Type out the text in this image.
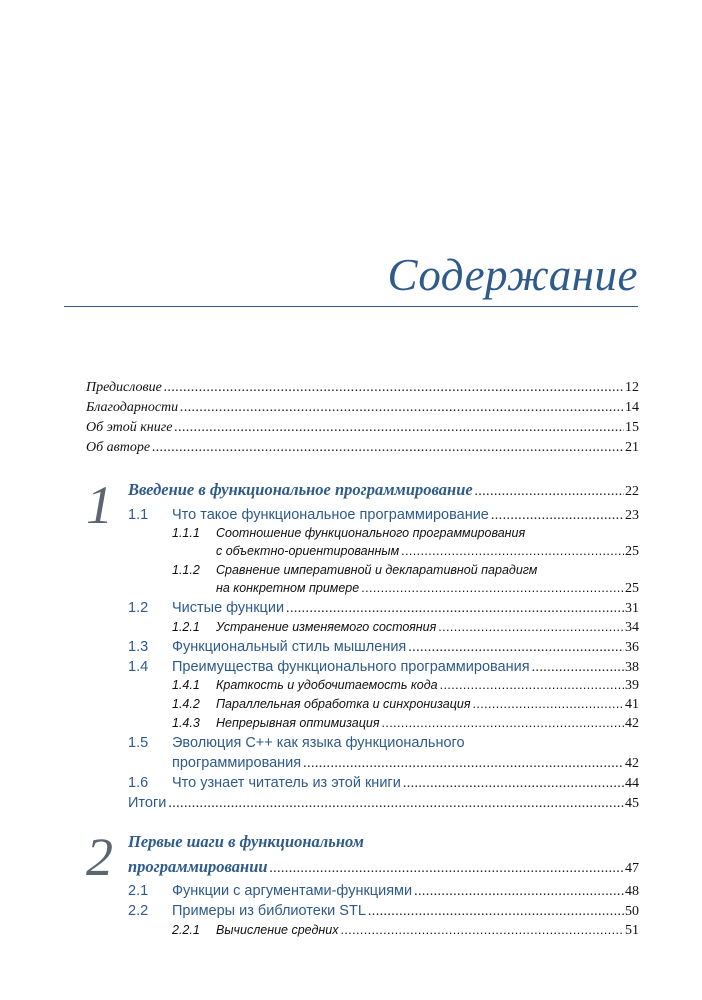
Содержание
Предисловие .....	12
Благодарности .....	14
Об этой книге .....	15
Об авторе .....	21
1 Введение в функциональное программирование .....	22
1.1	Что такое функциональное программирование .....	23
1.1.1 Соотношение функционального программирования
с объектно-ориентированным .....	25
1.1.2 Сравнение императивной и декларативной парадигм
на конкретном примере .....	25
1.2	Чистые функции .....	31
1.2.1	Устранение изменяемого состояния .....	34
1.3	Функциональный стиль мышления .....	36
1.4	Преимущества функционального программирования .....	38
1.4.1	Краткость и удобочитаемость кода .....	39
1.4.2	Параллельная обработка и синхронизация .....	41
1.4.3	Непрерывная оптимизация .....	42
1.5 Эволюция C++ как языка функционального
программирования .....	42
1.6	Что узнает читатель из этой книги .....	44
Итоги .....	45
2 Первые шаги в функциональном
программировании .....	47
2.1	Функции с аргументами-функциями .....	48
2.2	Примеры из библиотеки STL .....	50
2.2.1	Вычисление средних .....	51
